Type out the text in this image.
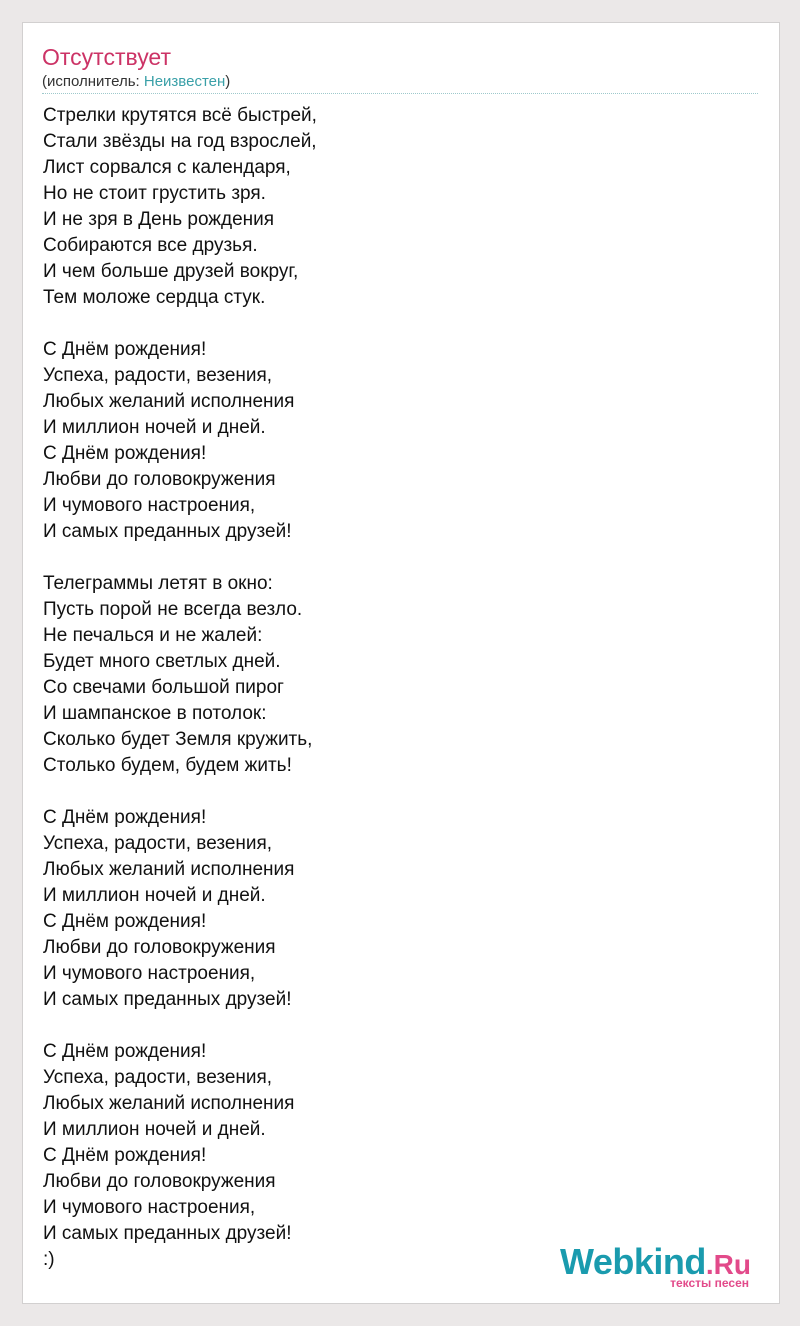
Отсутствует
(исполнитель: Неизвестен)
Стрелки крутятся всё быстрей,
Стали звёзды на год взрослей,
Лист сорвался с календаря,
Но не стоит грустить зря.
И не зря в День рождения
Собираются все друзья.
И чем больше друзей вокруг,
Тем моложе сердца стук.
С Днём рождения!
Успеха, радости, везения,
Любых желаний исполнения
И миллион ночей и дней.
С Днём рождения!
Любви до головокружения
И чумового настроения,
И самых преданных друзей!
Телеграммы летят в окно:
Пусть порой не всегда везло.
Не печалься и не жалей:
Будет много светлых дней.
Со свечами большой пирог
И шампанское в потолок:
Сколько будет Земля кружить,
Столько будем, будем жить!
С Днём рождения!
Успеха, радости, везения,
Любых желаний исполнения
И миллион ночей и дней.
С Днём рождения!
Любви до головокружения
И чумового настроения,
И самых преданных друзей!
С Днём рождения!
Успеха, радости, везения,
Любых желаний исполнения
И миллион ночей и дней.
С Днём рождения!
Любви до головокружения
И чумового настроения,
И самых преданных друзей!
:)	Webkind.Ru
тексты песен
